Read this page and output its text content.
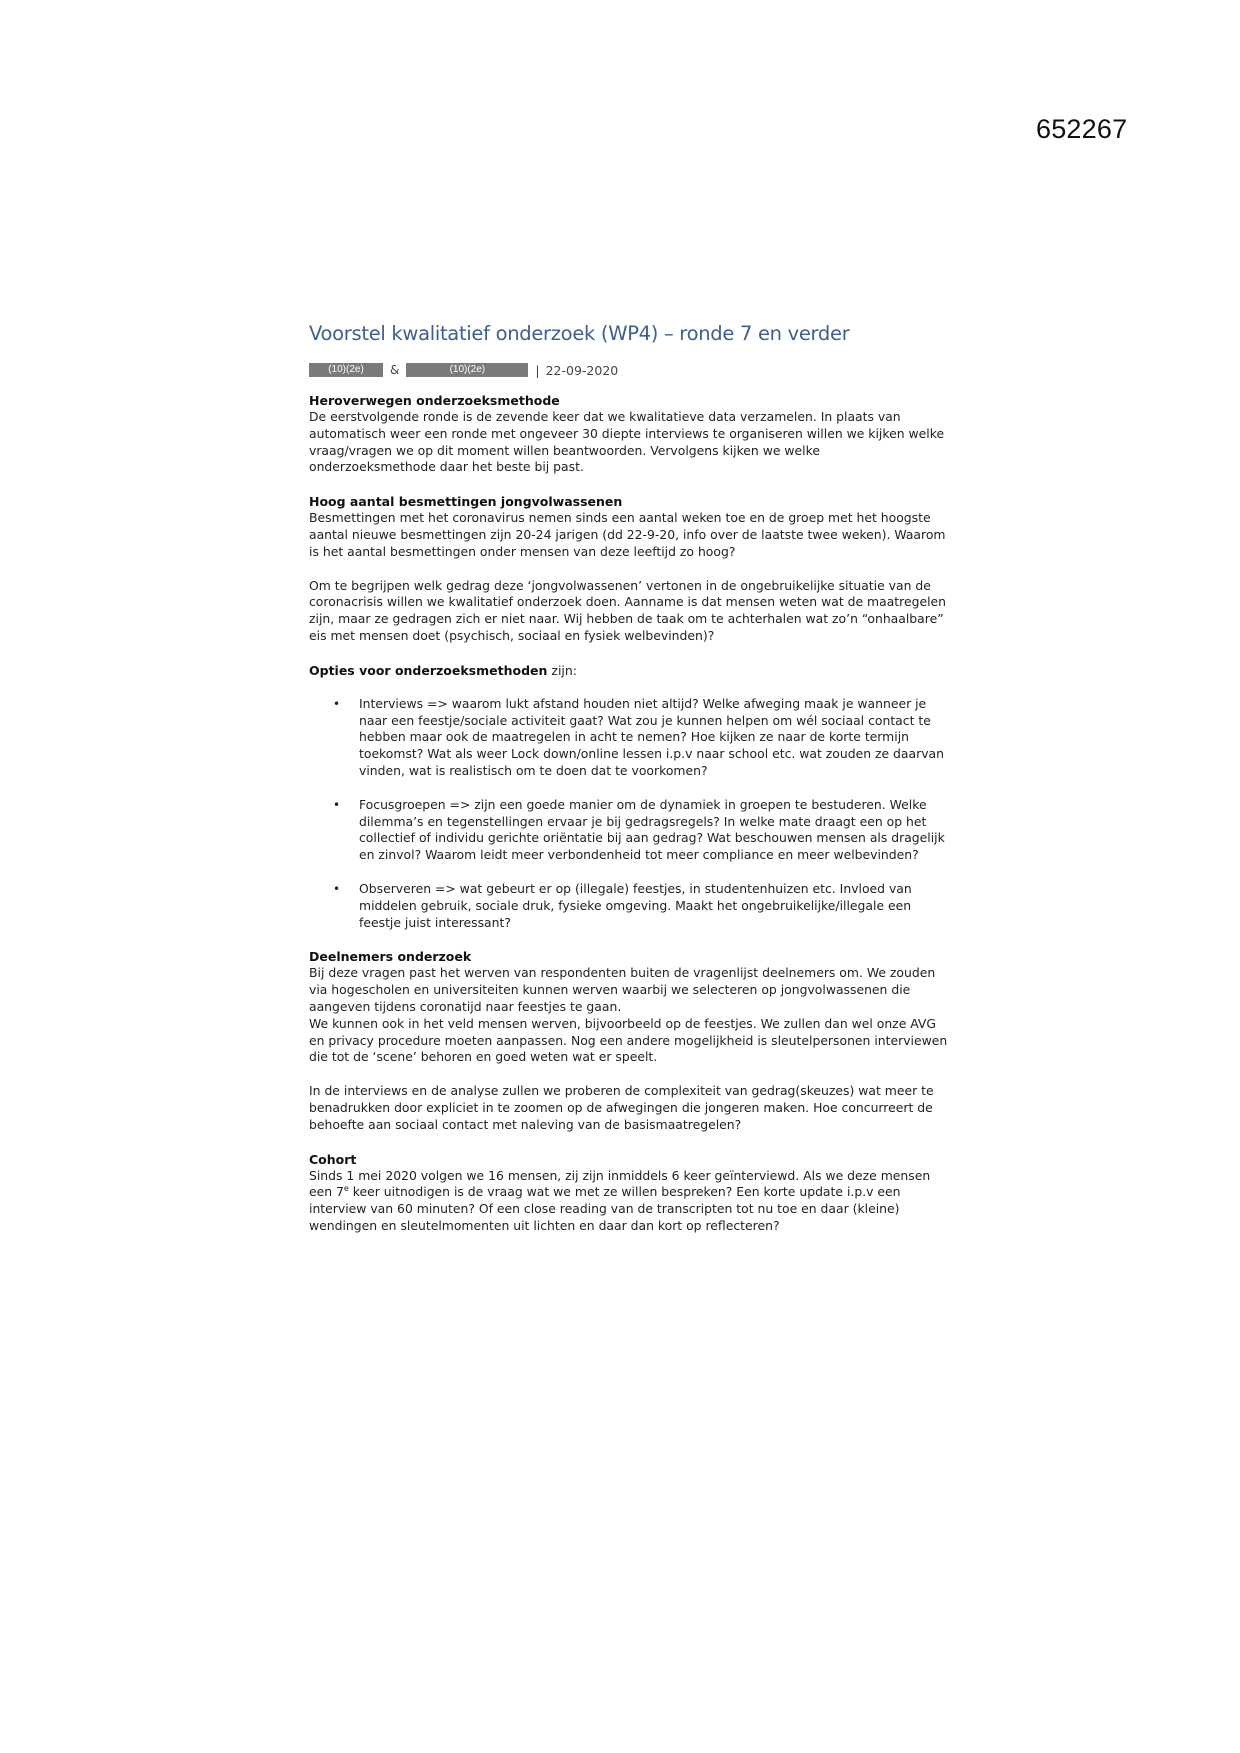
652267
Voorstel kwalitatief onderzoek (WP4) – ronde 7 en verder
(10)(2e)	&	(10)(2e)	| 22-09-2020

Heroverwegen onderzoeksmethode

De eerstvolgende ronde is de zevende keer dat we kwalitatieve data verzamelen. In plaats van automatisch weer een ronde met ongeveer 30 diepte interviews te organiseren willen we kijken welke vraag/vragen we op dit moment willen beantwoorden. Vervolgens kijken we welke onderzoeksmethode daar het beste bij past.

Hoog aantal besmettingen jongvolwassenen

Besmettingen met het coronavirus nemen sinds een aantal weken toe en de groep met het hoogste aantal nieuwe besmettingen zijn 20-24 jarigen (dd 22-9-20, info over de laatste twee weken). Waarom is het aantal besmettingen onder mensen van deze leeftijd zo hoog?

Om te begrijpen welk gedrag deze ‘jongvolwassenen’ vertonen in de ongebruikelijke situatie van de coronacrisis willen we kwalitatief onderzoek doen. Aanname is dat mensen weten wat de maatregelen zijn, maar ze gedragen zich er niet naar. Wij hebben de taak om te achterhalen wat zo’n “onhaalbare” eis met mensen doet (psychisch, sociaal en fysiek welbevinden)?

Opties voor onderzoeksmethoden zijn:

• Interviews => waarom lukt afstand houden niet altijd? Welke afweging maak je wanneer je naar een feestje/sociale activiteit gaat? Wat zou je kunnen helpen om wél sociaal contact te hebben maar ook de maatregelen in acht te nemen? Hoe kijken ze naar de korte termijn toekomst? Wat als weer Lock down/online lessen i.p.v naar school etc. wat zouden ze daarvan vinden, wat is realistisch om te doen dat te voorkomen?
• Focusgroepen => zijn een goede manier om de dynamiek in groepen te bestuderen. Welke dilemma’s en tegenstellingen ervaar je bij gedragsregels? In welke mate draagt een op het collectief of individu gerichte oriëntatie bij aan gedrag? Wat beschouwen mensen als dragelijk en zinvol? Waarom leidt meer verbondenheid tot meer compliance en meer welbevinden?
• Observeren => wat gebeurt er op (illegale) feestjes, in studentenhuizen etc. Invloed van middelen gebruik, sociale druk, fysieke omgeving. Maakt het ongebruikelijke/illegale een feestje juist interessant?

Deelnemers onderzoek

Bij deze vragen past het werven van respondenten buiten de vragenlijst deelnemers om. We zouden via hogescholen en universiteiten kunnen werven waarbij we selecteren op jongvolwassenen die aangeven tijdens coronatijd naar feestjes te gaan.

We kunnen ook in het veld mensen werven, bijvoorbeeld op de feestjes. We zullen dan wel onze AVG en privacy procedure moeten aanpassen. Nog een andere mogelijkheid is sleutelpersonen interviewen die tot de ‘scene’ behoren en goed weten wat er speelt.

In de interviews en de analyse zullen we proberen de complexiteit van gedrag(skeuzes) wat meer te benadrukken door expliciet in te zoomen op de afwegingen die jongeren maken. Hoe concurreert de behoefte aan sociaal contact met naleving van de basismaatregelen?

Cohort

Sinds 1 mei 2020 volgen we 16 mensen, zij zijn inmiddels 6 keer geïnterviewd. Als we deze mensen een 7e keer uitnodigen is de vraag wat we met ze willen bespreken? Een korte update i.p.v een interview van 60 minuten? Of een close reading van de transcripten tot nu toe en daar (kleine) wendingen en sleutelmomenten uit lichten en daar dan kort op reflecteren?
